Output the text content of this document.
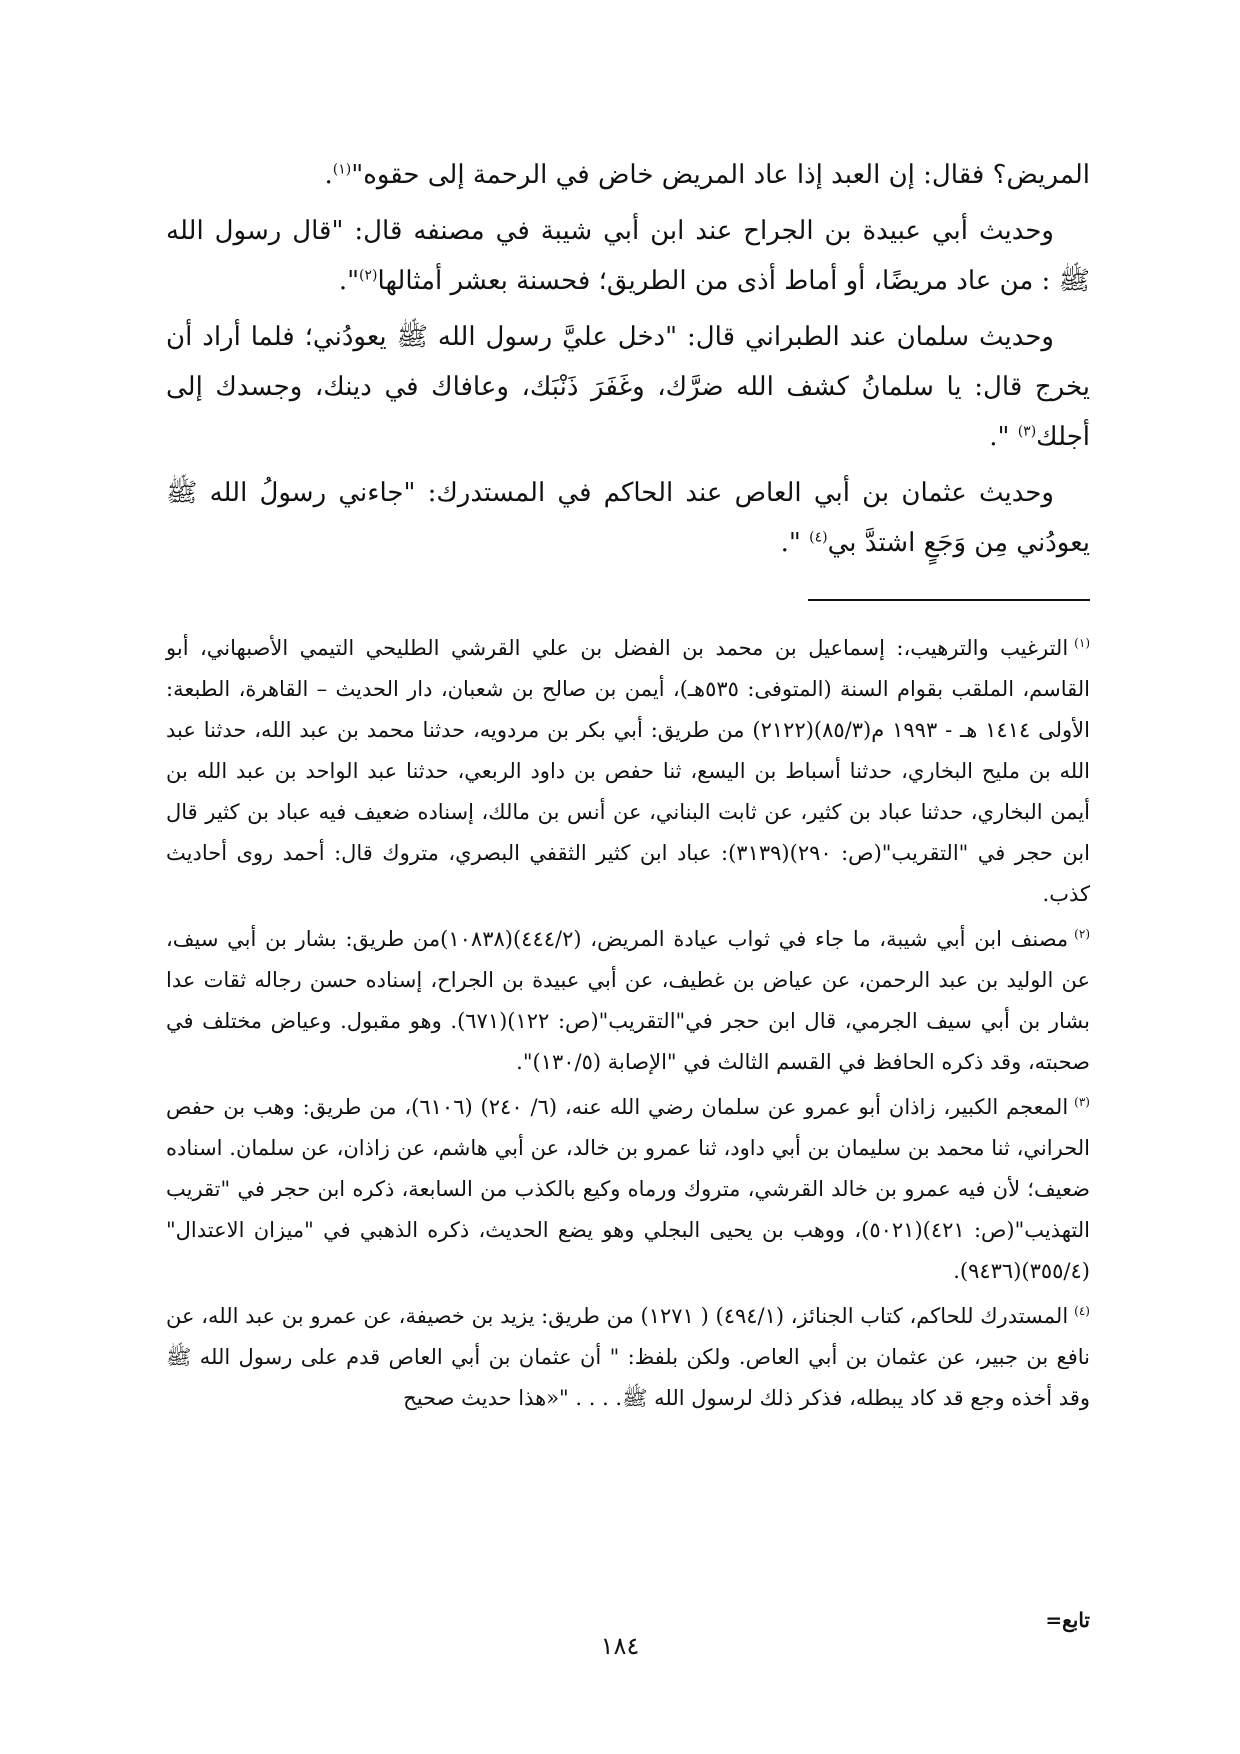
المريض؟ فقال: إن العبد إذا عاد المريض خاض في الرحمة إلى حقوه"$^{(١)}$.

وحديث أبي عبيدة بن الجراح عند ابن أبي شيبة في مصنفه قال: "قال رسول الله ﷺ : من عاد مريضًا، أو أماط أذى من الطريق؛ فحسنة بعشر أمثالها$^{(٢)}$".

وحديث سلمان عند الطبراني قال: "دخل عليَّ رسول الله ﷺ يعودُني؛ فلما أراد أن يخرج قال: يا سلمانُ كشف الله ضرَّك، وغَفَرَ ذَنْبَك، وعافاك في دينك، وجسدك إلى أجلك$^{(٣)}$ ".

وحديث عثمان بن أبي العاص عند الحاكم في المستدرك: "جاءني رسولُ الله ﷺ يعودُني مِن وَجَعٍ اشتدَّ بي$^{(٤)}$ ".

$^{(١)}$الترغيب والترهيب،: إسماعيل بن محمد بن الفضل بن علي القرشي الطليحي التيمي الأصبهاني، أبو القاسم، الملقب بقوام السنة (المتوفى: ٥٣٥هـ)، أيمن بن صالح بن شعبان، دار الحديث – القاهرة، الطبعة: الأولى ١٤١٤ هـ - ١٩٩٣ م(٨٥/٣)(٢١٢٢) من طريق: أبي بكر بن مردويه، حدثنا محمد بن عبد الله، حدثنا عبد الله بن مليح البخاري، حدثنا أسباط بن اليسع، ثنا حفص بن داود الربعي، حدثنا عبد الواحد بن عبد الله بن أيمن البخاري، حدثنا عباد بن كثير، عن ثابت البناني، عن أنس بن مالك، إسناده ضعيف فيه عباد بن كثير قال ابن حجر في "التقريب"(ص: ٢٩٠)(٣١٣٩): عباد ابن كثير الثقفي البصري، متروك قال: أحمد روى أحاديث كذب.

$^{(٢)}$مصنف ابن أبي شيبة، ما جاء في ثواب عيادة المريض، (٤٤٤/٢)(١٠٨٣٨)من طريق: بشار بن أبي سيف، عن الوليد بن عبد الرحمن، عن عياض بن غطيف، عن أبي عبيدة بن الجراح، إسناده حسن رجاله ثقات عدا بشار بن أبي سيف الجرمي، قال ابن حجر في"التقريب"(ص: ١٢٢)(٦٧١). وهو مقبول. وعياض مختلف في صحبته، وقد ذكره الحافظ في القسم الثالث في "الإصابة (١٣٠/٥)".

$^{(٣)}$المعجم الكبير، زاذان أبو عمرو عن سلمان رضي الله عنه، (٦/ ٢٤٠) (٦١٠٦)، من طريق: وهب بن حفص الحراني، ثنا محمد بن سليمان بن أبي داود، ثنا عمرو بن خالد، عن أبي هاشم، عن زاذان، عن سلمان. اسناده ضعيف؛ لأن فيه عمرو بن خالد القرشي، متروك ورماه وكيع بالكذب من السابعة، ذكره ابن حجر في "تقريب التهذيب"(ص: ٤٢١)(٥٠٢١)، ووهب بن يحيى البجلي وهو يضع الحديث، ذكره الذهبي في "ميزان الاعتدال"(٣٥٥/٤)(٩٤٣٦).

$^{(٤)}$المستدرك للحاكم، كتاب الجنائز، (٤٩٤/١) ( ١٢٧١) من طريق: يزيد بن خصيفة، عن عمرو بن عبد الله، عن نافع بن جبير، عن عثمان بن أبي العاص. ولكن بلفظ: " أن عثمان بن أبي العاص قدم على رسول الله ﷺ وقد أخذه وجع قد كاد يبطله، فذكر ذلك لرسول الله ﷺ. . . . "«هذا حديث صحيح

تابع=
١٨٤
